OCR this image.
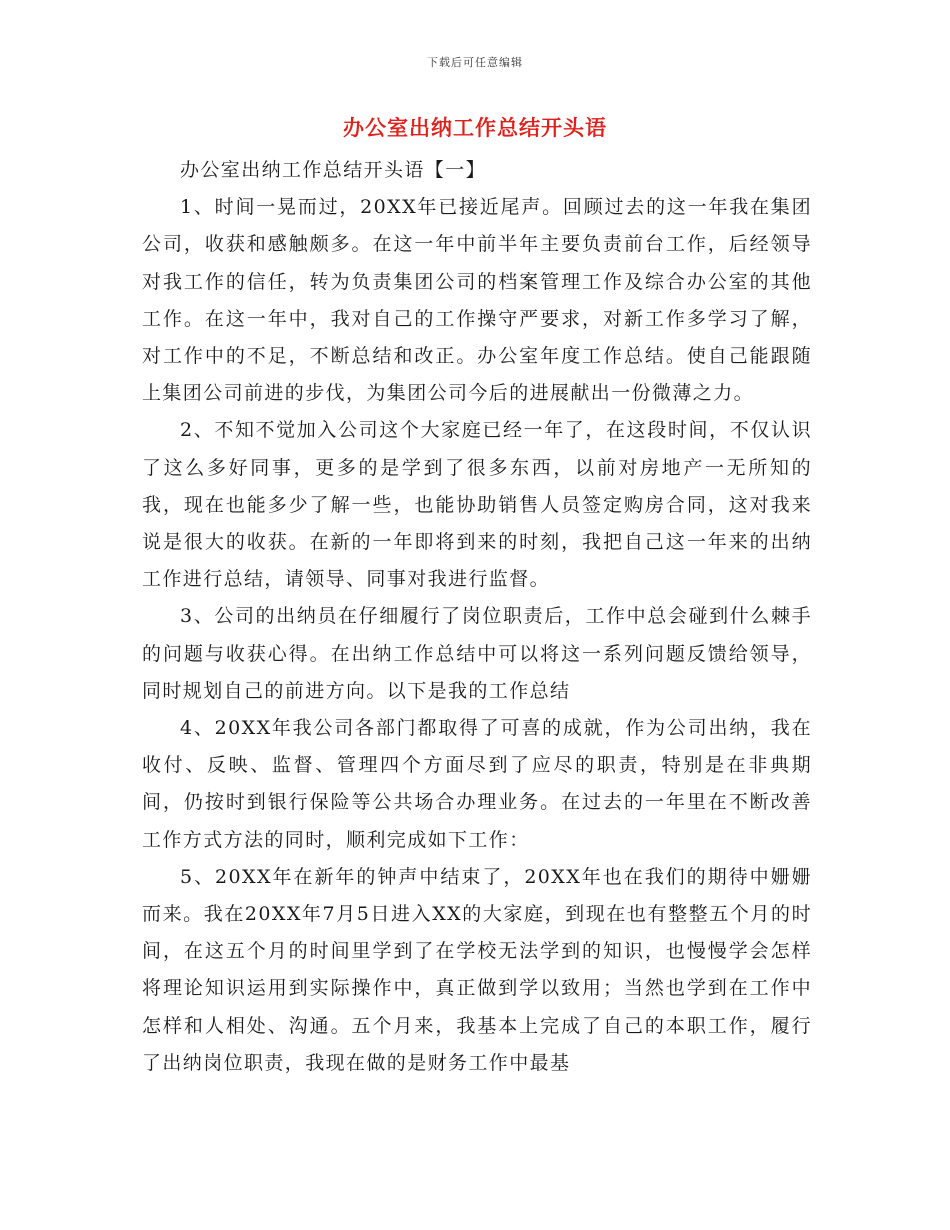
下载后可任意编辑
办公室出纳工作总结开头语

办公室出纳工作总结开头语【一】

1、时间一晃而过，20XX年已接近尾声。回顾过去的这一年我在集团公司，收获和感触颇多。在这一年中前半年主要负责前台工作，后经领导对我工作的信任，转为负责集团公司的档案管理工作及综合办公室的其他工作。在这一年中，我对自己的工作操守严要求，对新工作多学习了解，对工作中的不足，不断总结和改正。办公室年度工作总结。使自己能跟随上集团公司前进的步伐，为集团公司今后的进展献出一份微薄之力。

2、不知不觉加入公司这个大家庭已经一年了，在这段时间，不仅认识了这么多好同事，更多的是学到了很多东西，以前对房地产一无所知的我，现在也能多少了解一些，也能协助销售人员签定购房合同，这对我来说是很大的收获。在新的一年即将到来的时刻，我把自己这一年来的出纳工作进行总结，请领导、同事对我进行监督。

3、公司的出纳员在仔细履行了岗位职责后，工作中总会碰到什么棘手的问题与收获心得。在出纳工作总结中可以将这一系列问题反馈给领导，同时规划自己的前进方向。以下是我的工作总结

4、20XX年我公司各部门都取得了可喜的成就，作为公司出纳，我在收付、反映、监督、管理四个方面尽到了应尽的职责，特别是在非典期间，仍按时到银行保险等公共场合办理业务。在过去的一年里在不断改善工作方式方法的同时，顺利完成如下工作：

5、20XX年在新年的钟声中结束了，20XX年也在我们的期待中姗姗而来。我在20XX年7月5日进入XX的大家庭，到现在也有整整五个月的时间，在这五个月的时间里学到了在学校无法学到的知识，也慢慢学会怎样将理论知识运用到实际操作中，真正做到学以致用；当然也学到在工作中怎样和人相处、沟通。五个月来，我基本上完成了自己的本职工作，履行了出纳岗位职责，我现在做的是财务工作中最基
